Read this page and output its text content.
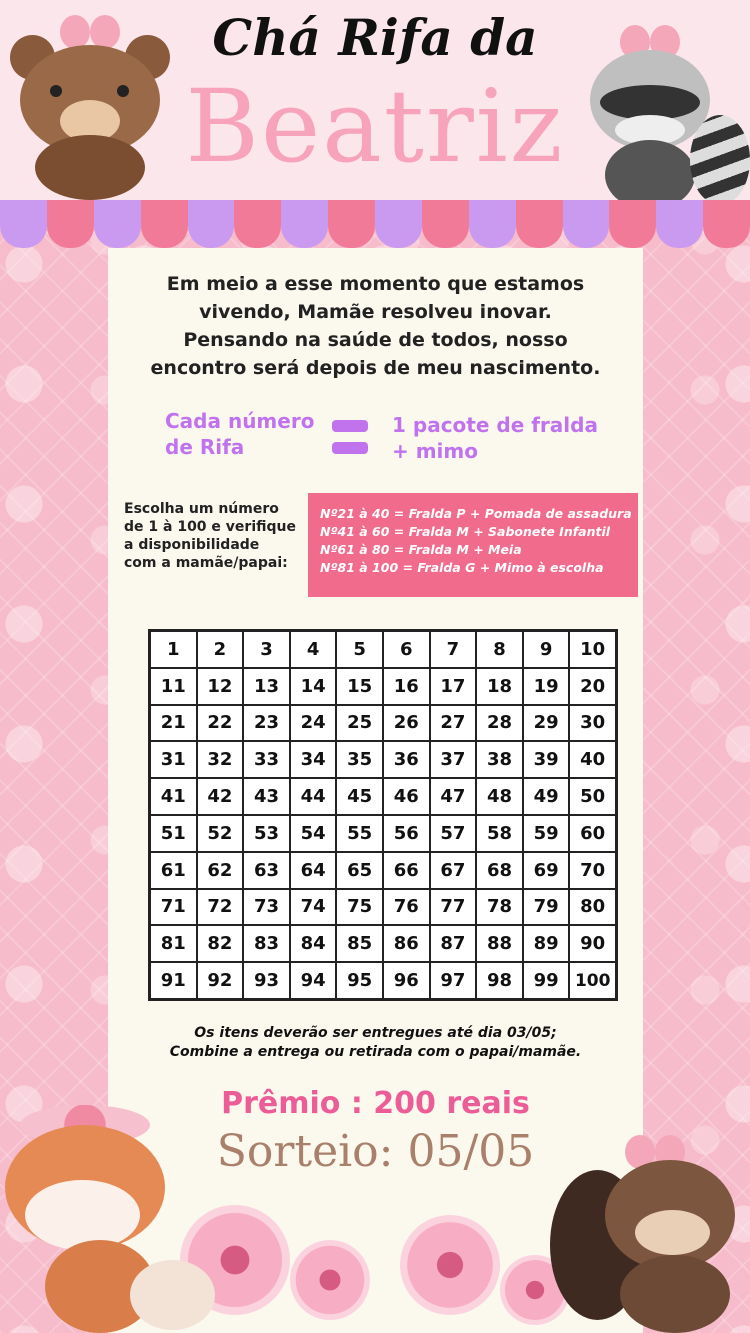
Chá Rifa da
Beatriz
Em meio a esse momento que estamos
vivendo, Mamãe resolveu inovar.
Pensando na saúde de todos, nosso
encontro será depois de meu nascimento.
Cada número
de Rifa
1 pacote de fralda
+ mimo
Escolha um número
de 1 à 100 e verifique
a disponibilidade
com a mamãe/papai:
Nº21 à 40 = Fralda P + Pomada de assadura
Nº41 à 60 = Fralda M + Sabonete Infantil
Nº61 à 80 = Fralda M + Meia
Nº81 à 100 = Fralda G + Mimo à escolha
1	2	3	4	5	6	7	8	9	10
11	12	13	14	15	16	17	18	19	20
21	22	23	24	25	26	27	28	29	30
31	32	33	34	35	36	37	38	39	40
41	42	43	44	45	46	47	48	49	50
51	52	53	54	55	56	57	58	59	60
61	62	63	64	65	66	67	68	69	70
71	72	73	74	75	76	77	78	79	80
81	82	83	84	85	86	87	88	89	90
91	92	93	94	95	96	97	98	99 100
Os itens deverão ser entregues até dia 03/05;
Combine a entrega ou retirada com o papai/mamãe.
Prêmio : 200 reais
Sorteio: 05/05
